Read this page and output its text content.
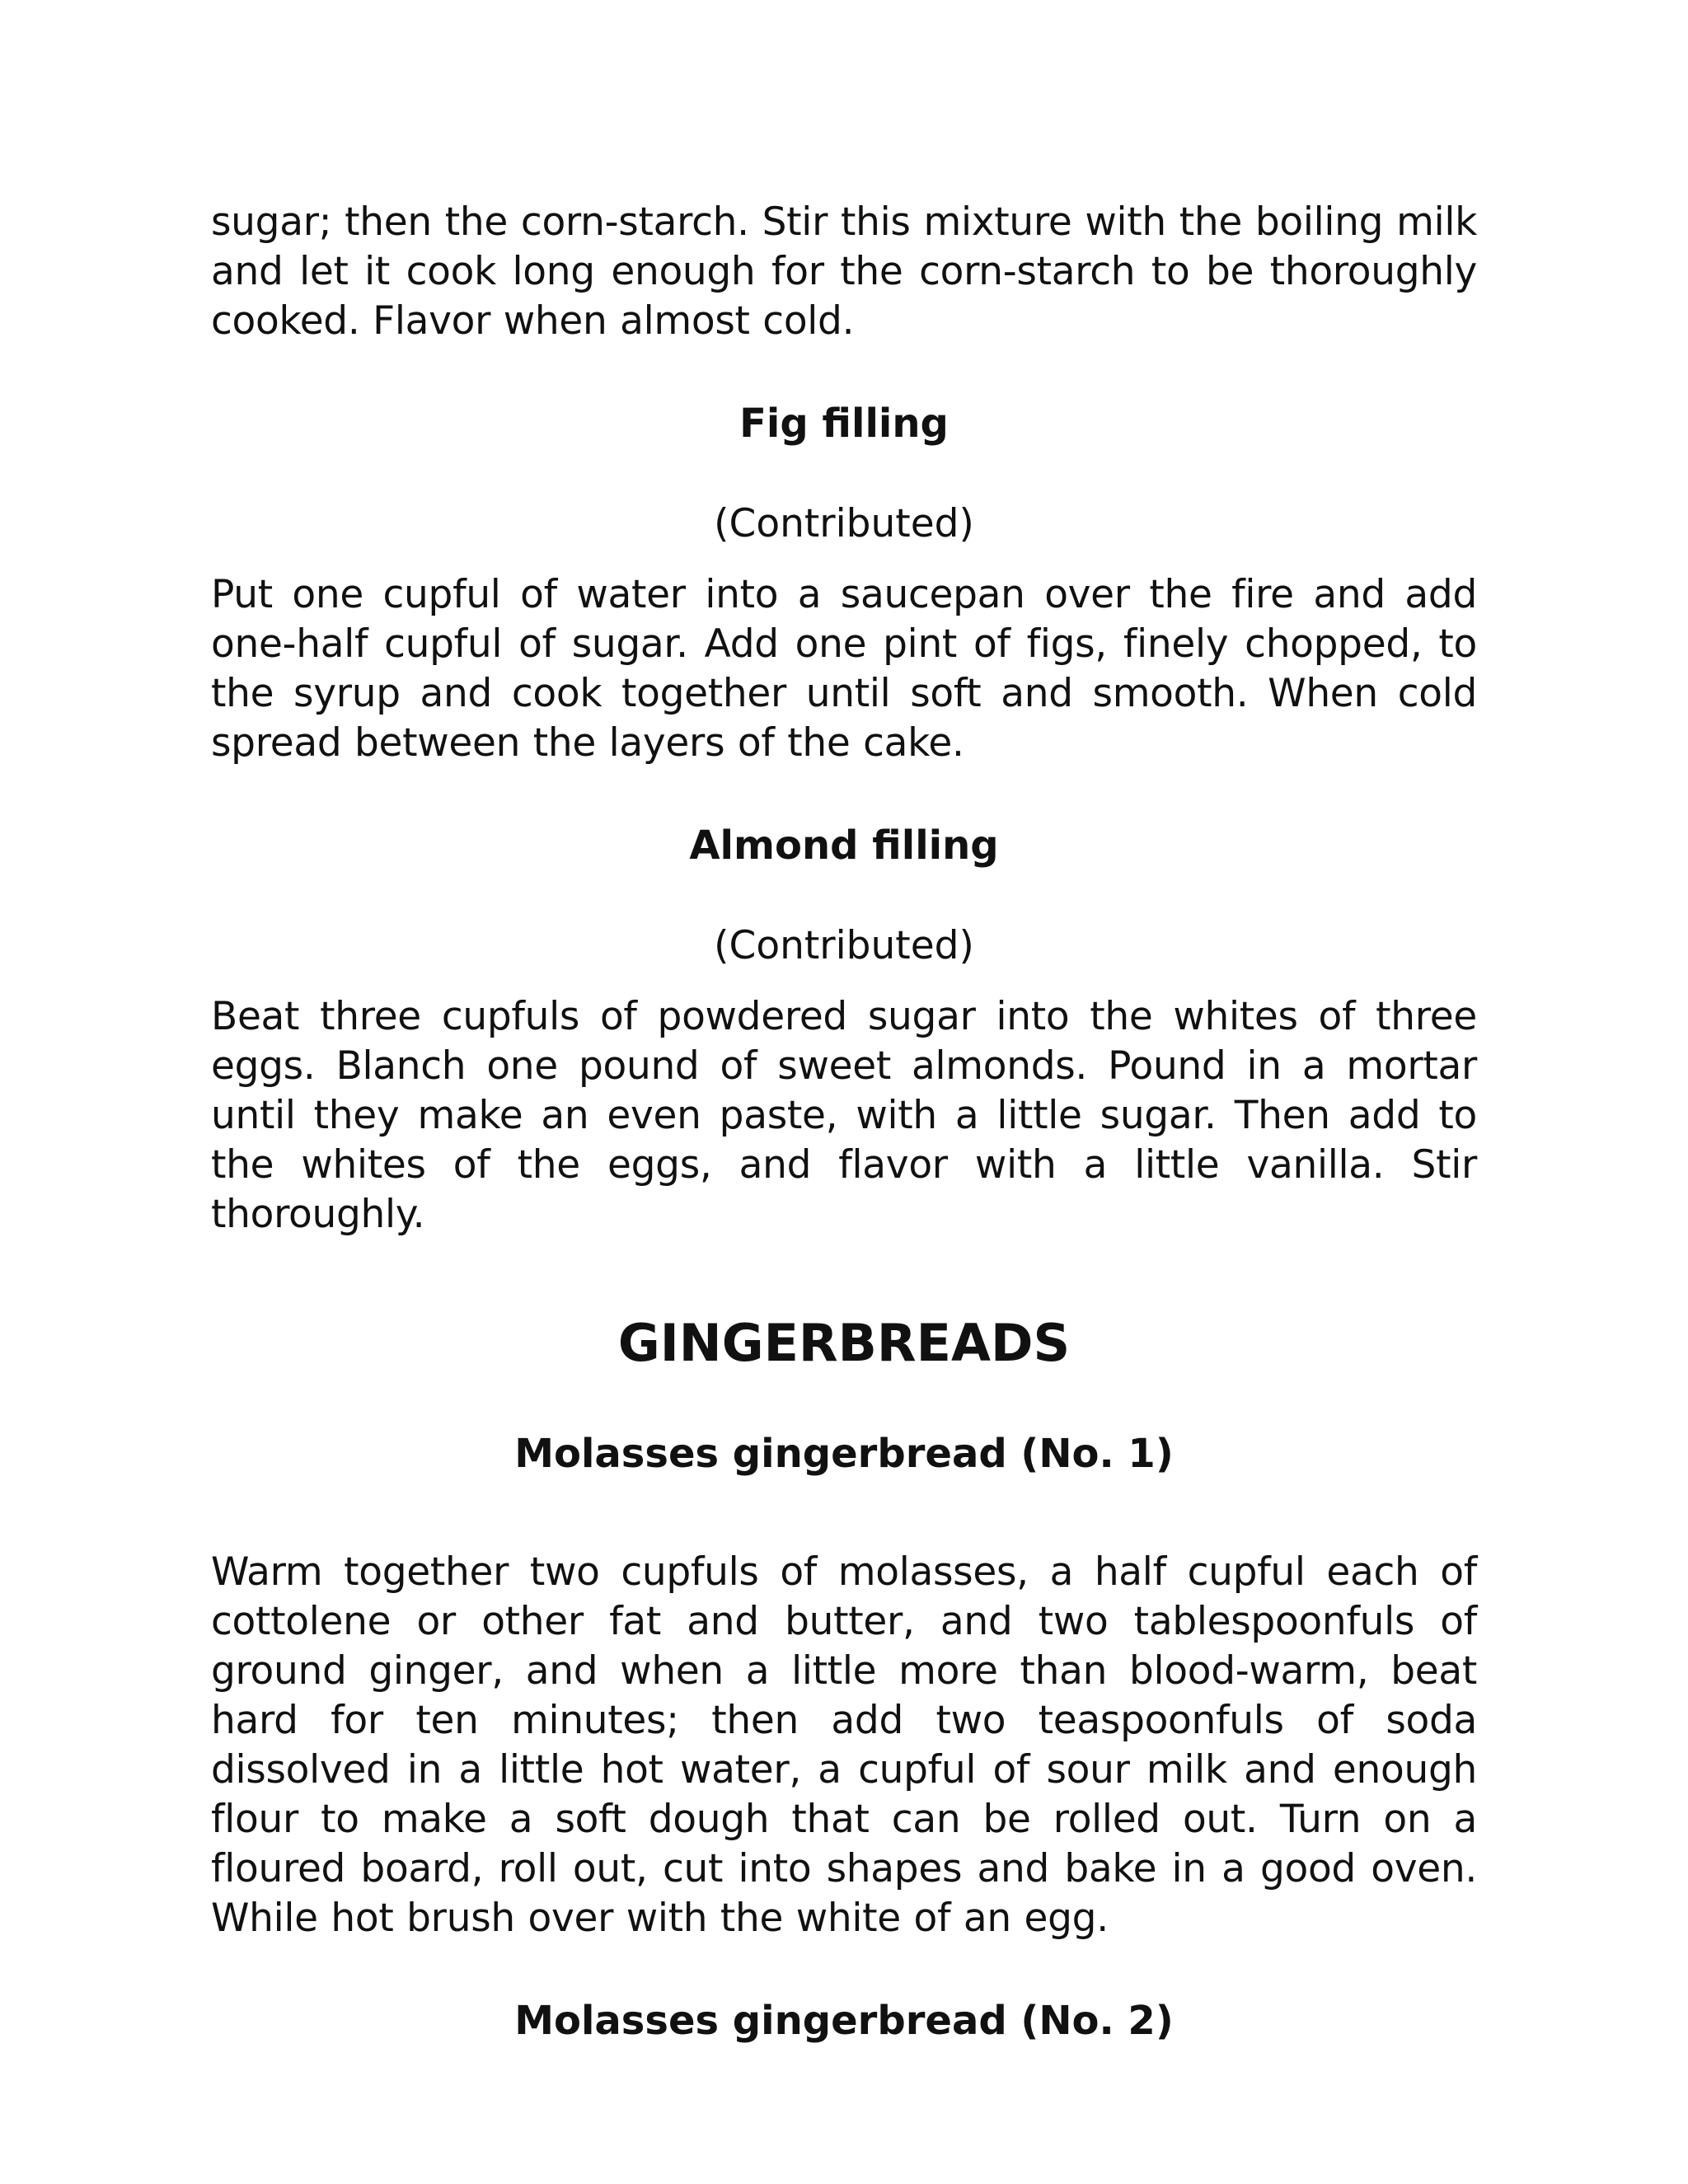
sugar; then the corn-starch. Stir this mixture with the boiling milk and let it cook long enough for the corn-starch to be thoroughly cooked. Flavor when almost cold.

Fig filling

(Contributed)

Put one cupful of water into a saucepan over the fire and add one-half cupful of sugar. Add one pint of figs, finely chopped, to the syrup and cook together until soft and smooth. When cold spread between the layers of the cake.

Almond filling

(Contributed)

Beat three cupfuls of powdered sugar into the whites of three eggs. Blanch one pound of sweet almonds. Pound in a mortar until they make an even paste, with a little sugar. Then add to the whites of the eggs, and flavor with a little vanilla. Stir thoroughly.

GINGERBREADS
Molasses gingerbread (No. 1)

Warm together two cupfuls of molasses, a half cupful each of cottolene or other fat and butter, and two tablespoonfuls of ground ginger, and when a little more than blood-warm, beat hard for ten minutes; then add two teaspoonfuls of soda dissolved in a little hot water, a cupful of sour milk and enough flour to make a soft dough that can be rolled out. Turn on a floured board, roll out, cut into shapes and bake in a good oven. While hot brush over with the white of an egg.

Molasses gingerbread (No. 2)
